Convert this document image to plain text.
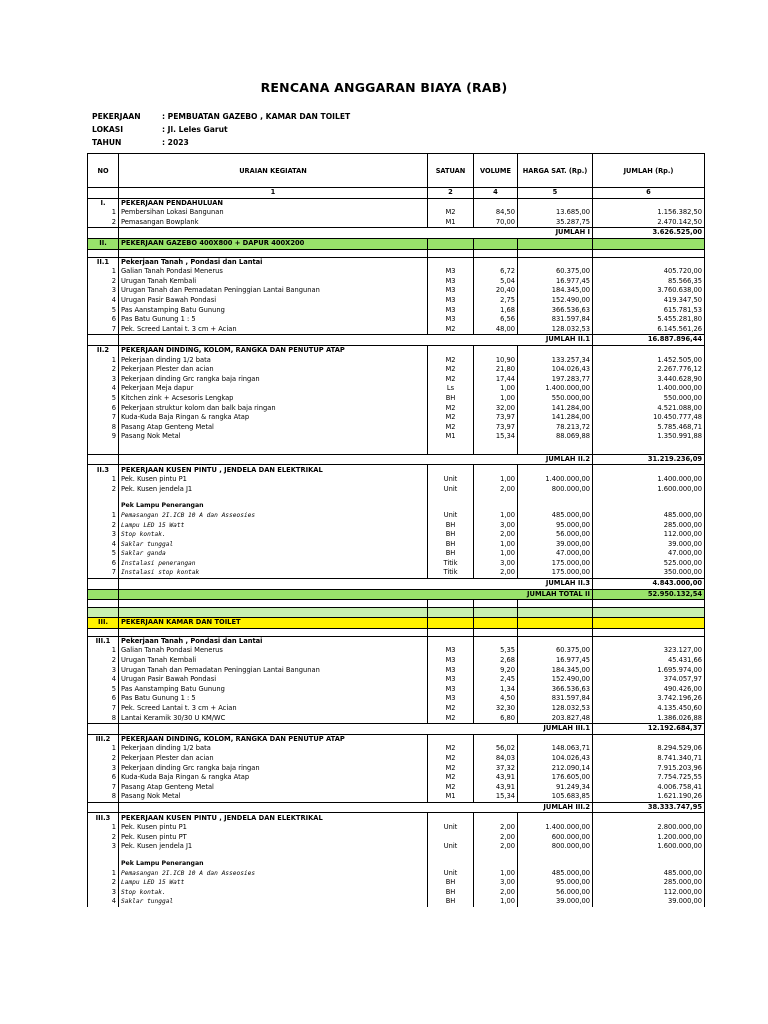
RENCANA ANGGARAN BIAYA (RAB)
PEKERJAAN	: PEMBUATAN GAZEBO , KAMAR DAN TOILET
LOKASI	: Jl. Leles Garut
TAHUN	: 2023
NO	URAIAN KEGIATAN	SATUAN	VOLUME	HARGA SAT. (Rp.)	JUMLAH (Rp.)
	1	2	4	5	6
I.	PEKERJAAN PENDAHULUAN				
1	Pembersihan Lokasi Bangunan	M2	84,50	13.685,00	1.156.382,50
2	Pemasangan Bowplank	M1	70,00	35.287,75	2.470.142,50
	JUMLAH I				3.626.525,00
II.	PEKERJAAN GAZEBO 400X800 + DAPUR 400X200				

II.1	Pekerjaan Tanah , Pondasi dan Lantai				
1	Galian Tanah Pondasi Menerus	M3	6,72	60.375,00	405.720,00
2	Urugan Tanah Kembali	M3	5,04	16.977,45	85.566,35
3	Urugan Tanah dan Pemadatan Peninggian Lantai Bangunan	M3	20,40	184.345,00	3.760.638,00
4	Urugan Pasir Bawah Pondasi	M3	2,75	152.490,00	419.347,50
5	Pas Aanstamping Batu Gunung	M3	1,68	366.536,63	615.781,53
6	Pas Batu Gunung 1 : 5	M3	6,56	831.597,84	5.455.281,80
7	Pek. Screed Lantai t. 3 cm + Acian	M2	48,00	128.032,53	6.145.561,26
	JUMLAH II.1				16.887.896,44
II.2	PEKERJAAN DINDING, KOLOM, RANGKA DAN PENUTUP ATAP				
1	Pekerjaan dinding 1/2 bata	M2	10,90	133.257,34	1.452.505,00
2	Pekerjaan Plester dan acian	M2	21,80	104.026,43	2.267.776,12
3	Pekerjaan dinding Grc rangka baja ringan	M2	17,44	197.283,77	3.440.628,90
4	Pekerjaan Meja dapur	Ls	1,00	1.400.000,00	1.400.000,00
5	Kitchen zink + Acsesoris Lengkap	BH	1,00	550.000,00	550.000,00
6	Pekerjaan struktur kolom dan balk baja ringan	M2	32,00	141.284,00	4.521.088,00
7	Kuda-Kuda Baja Ringan & rangka Atap	M2	73,97	141.284,00	10.450.777,48
8	Pasang Atap Genteng Metal	M2	73,97	78.213,72	5.785.468,71
9	Pasang Nok Metal	M1	15,34	88.069,88	1.350.991,88

	JUMLAH II.2				31.219.236,09
II.3	PEKERJAAN KUSEN PINTU , JENDELA DAN ELEKTRIKAL				
1	Pek. Kusen pintu P1	Unit	1,00	1.400.000,00	1.400.000,00
2	Pek. Kusen jendela J1	Unit	2,00	800.000,00	1.600.000,00

	Pek Lampu Penerangan				
1	Pemasangan 2I.ICB 10 A dan Asseosies	Unit	1,00	485.000,00	485.000,00
2	Lampu LED 15 Watt	BH	3,00	95.000,00	285.000,00
3	Stop kontak.	BH	2,00	56.000,00	112.000,00
4	Saklar tunggal	BH	1,00	39.000,00	39.000,00
5	Saklar ganda	BH	1,00	47.000,00	47.000,00
6	Instalasi penerangan	Titik	3,00	175.000,00	525.000,00
7	Instalasi stop kontak	Titik	2,00	175.000,00	350.000,00
	JUMLAH II.3				4.843.000,00
	JUMLAH TOTAL II				52.950.132,54

III.	PEKERJAAN KAMAR DAN TOILET				

III.1	Pekerjaan Tanah , Pondasi dan Lantai				
1	Galian Tanah Pondasi Menerus	M3	5,35	60.375,00	323.127,00
2	Urugan Tanah Kembali	M3	2,68	16.977,45	45.431,66
3	Urugan Tanah dan Pemadatan Peninggian Lantai Bangunan	M3	9,20	184.345,00	1.695.974,00
4	Urugan Pasir Bawah Pondasi	M3	2,45	152.490,00	374.057,97
5	Pas Aanstamping Batu Gunung	M3	1,34	366.536,63	490.426,00
6	Pas Batu Gunung 1 : 5	M3	4,50	831.597,84	3.742.196,26
7	Pek. Screed Lantai t. 3 cm + Acian	M2	32,30	128.032,53	4.135.450,60
8	Lantai Keramik 30/30 U KM/WC	M2	6,80	203.827,48	1.386.026,88
	JUMLAH III.1				12.192.684,37
III.2	PEKERJAAN DINDING, KOLOM, RANGKA DAN PENUTUP ATAP				
1	Pekerjaan dinding 1/2 bata	M2	56,02	148.063,71	8.294.529,06
2	Pekerjaan Plester dan acian	M2	84,03	104.026,43	8.741.340,71
3	Pekerjaan dinding Grc rangka baja ringan	M2	37,32	212.090,14	7.915.203,96
6	Kuda-Kuda Baja Ringan & rangka Atap	M2	43,91	176.605,00	7.754.725,55
7	Pasang Atap Genteng Metal	M2	43,91	91.249,34	4.006.758,41
8	Pasang Nok Metal	M1	15,34	105.683,85	1.621.190,26
	JUMLAH III.2				38.333.747,95
III.3	PEKERJAAN KUSEN PINTU , JENDELA DAN ELEKTRIKAL				
1	Pek. Kusen pintu P1	Unit	2,00	1.400.000,00	2.800.000,00
2	Pek. Kusen pintu PT		2,00	600.000,00	1.200.000,00
3	Pek. Kusen jendela J1	Unit	2,00	800.000,00	1.600.000,00

	Pek Lampu Penerangan				
1	Pemasangan 2I.ICB 10 A dan Asseosies	Unit	1,00	485.000,00	485.000,00
2	Lampu LED 15 Watt	BH	3,00	95.000,00	285.000,00
3	Stop kontak.	BH	2,00	56.000,00	112.000,00
4	Saklar tunggal	BH	1,00	39.000,00	39.000,00
